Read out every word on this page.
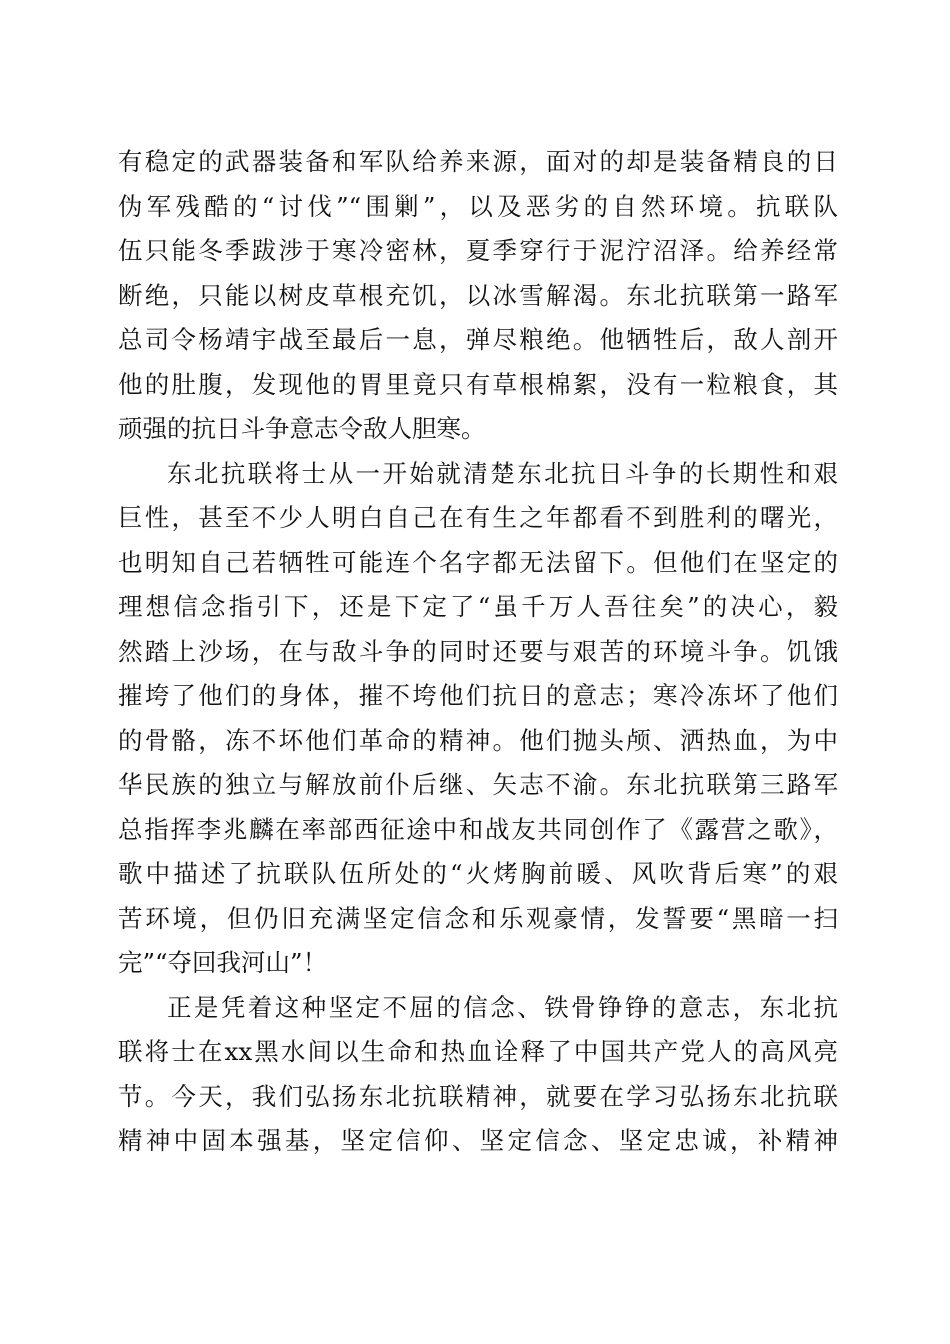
有稳定的武器装备和军队给养来源，面对的却是装备精良的日
伪军残酷的“讨伐”“围剿”，以及恶劣的自然环境。抗联队
伍只能冬季跋涉于寒冷密林，夏季穿行于泥泞沼泽。给养经常
断绝，只能以树皮草根充饥，以冰雪解渴。东北抗联第一路军
总司令杨靖宇战至最后一息，弹尽粮绝。他牺牲后，敌人剖开
他的肚腹，发现他的胃里竟只有草根棉絮，没有一粒粮食，其
顽强的抗日斗争意志令敌人胆寒。
东北抗联将士从一开始就清楚东北抗日斗争的长期性和艰
巨性，甚至不少人明白自己在有生之年都看不到胜利的曙光，
也明知自己若牺牲可能连个名字都无法留下。但他们在坚定的
理想信念指引下，还是下定了“虽千万人吾往矣”的决心，毅
然踏上沙场，在与敌斗争的同时还要与艰苦的环境斗争。饥饿
摧垮了他们的身体，摧不垮他们抗日的意志；寒冷冻坏了他们
的骨骼，冻不坏他们革命的精神。他们抛头颅、洒热血，为中
华民族的独立与解放前仆后继、矢志不渝。东北抗联第三路军
总指挥李兆麟在率部西征途中和战友共同创作了《露营之歌》，
歌中描述了抗联队伍所处的“火烤胸前暖、风吹背后寒”的艰
苦环境，但仍旧充满坚定信念和乐观豪情，发誓要“黑暗一扫
完”“夺回我河山”！
正是凭着这种坚定不屈的信念、铁骨铮铮的意志，东北抗
联将士在xx黑水间以生命和热血诠释了中国共产党人的高风亮
节。今天，我们弘扬东北抗联精神，就要在学习弘扬东北抗联
精神中固本强基，坚定信仰、坚定信念、坚定忠诚，补精神
